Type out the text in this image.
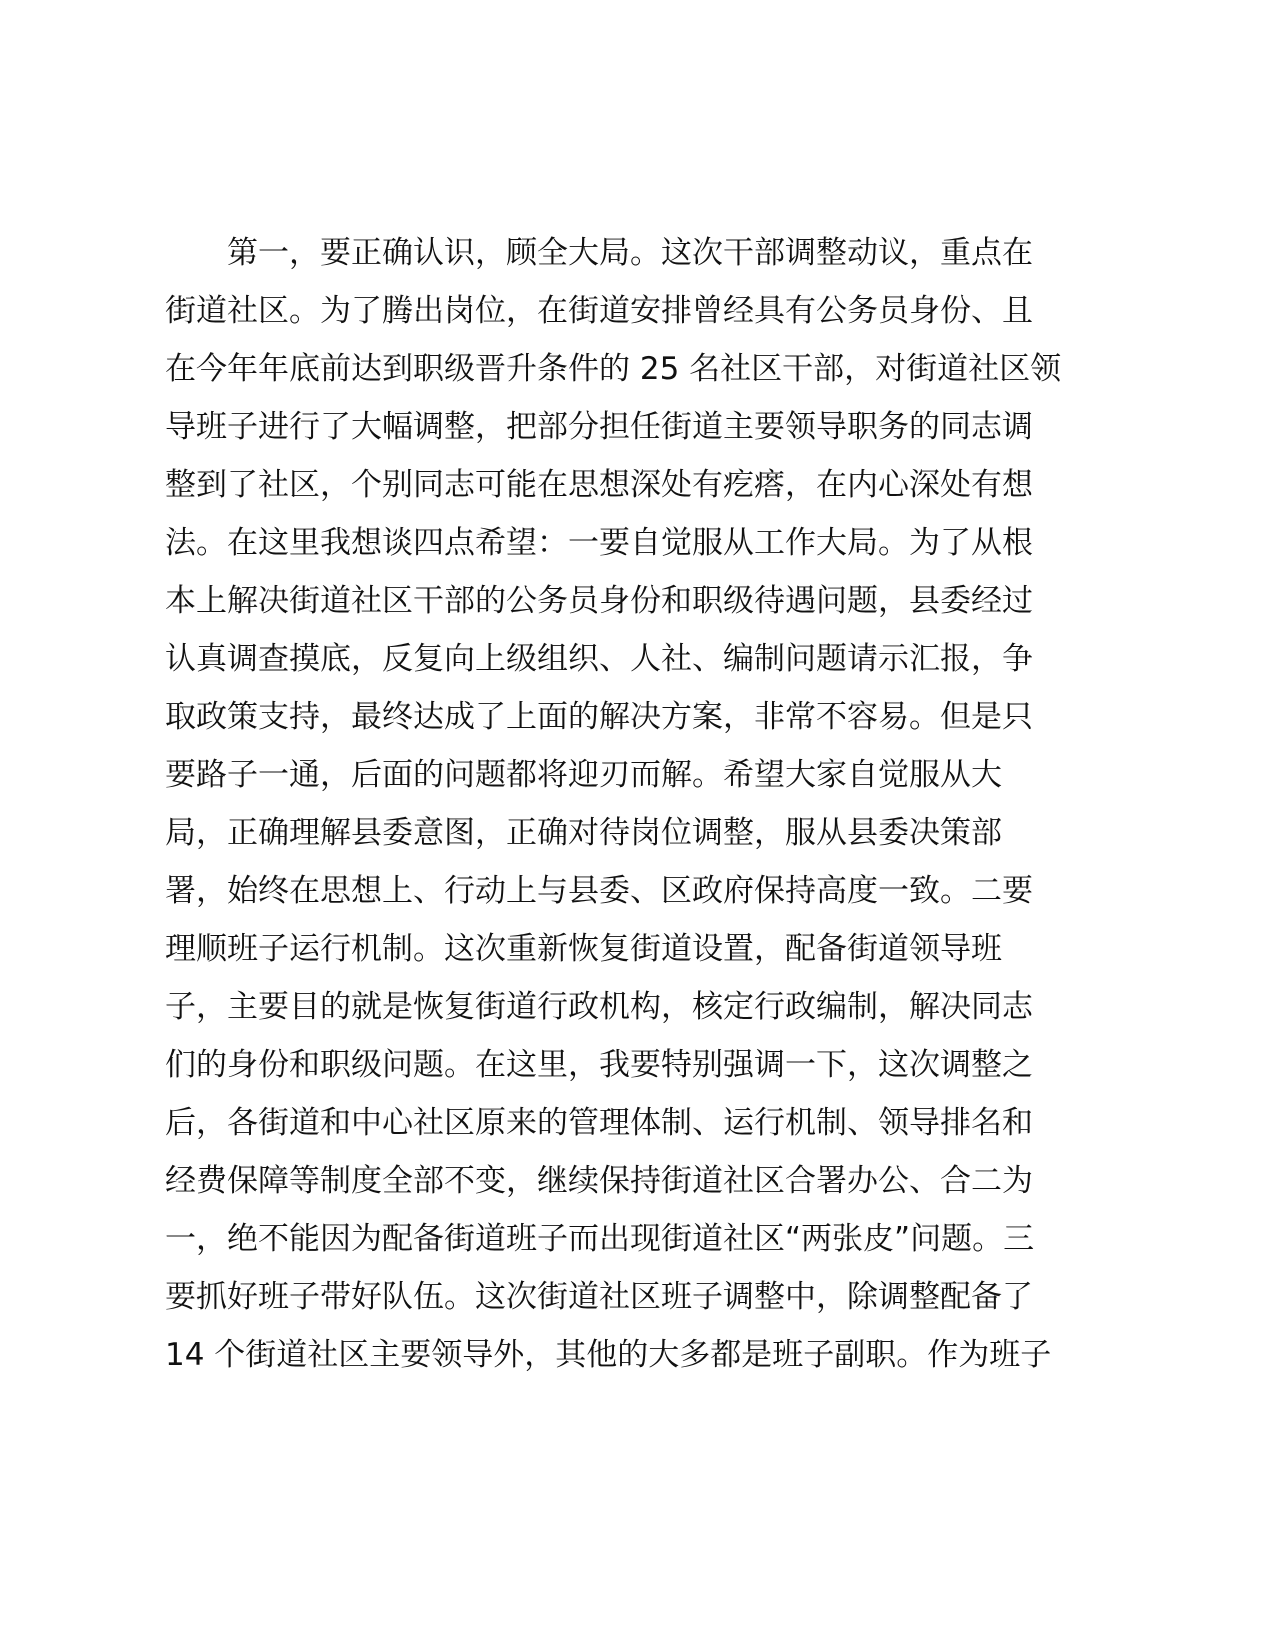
第一，要正确认识，顾全大局。这次干部调整动议，重点在
街道社区。为了腾出岗位，在街道安排曾经具有公务员身份、且
在今年年底前达到职级晋升条件的 25 名社区干部，对街道社区领
导班子进行了大幅调整，把部分担任街道主要领导职务的同志调
整到了社区，个别同志可能在思想深处有疙瘩，在内心深处有想
法。在这里我想谈四点希望：一要自觉服从工作大局。为了从根
本上解决街道社区干部的公务员身份和职级待遇问题，县委经过
认真调查摸底，反复向上级组织、人社、编制问题请示汇报，争
取政策支持，最终达成了上面的解决方案，非常不容易。但是只
要路子一通，后面的问题都将迎刃而解。希望大家自觉服从大
局，正确理解县委意图，正确对待岗位调整，服从县委决策部
署，始终在思想上、行动上与县委、区政府保持高度一致。二要
理顺班子运行机制。这次重新恢复街道设置，配备街道领导班
子，主要目的就是恢复街道行政机构，核定行政编制，解决同志
们的身份和职级问题。在这里，我要特别强调一下，这次调整之
后，各街道和中心社区原来的管理体制、运行机制、领导排名和
经费保障等制度全部不变，继续保持街道社区合署办公、合二为
一，绝不能因为配备街道班子而出现街道社区“两张皮”问题。三
要抓好班子带好队伍。这次街道社区班子调整中，除调整配备了
14 个街道社区主要领导外，其他的大多都是班子副职。作为班子
